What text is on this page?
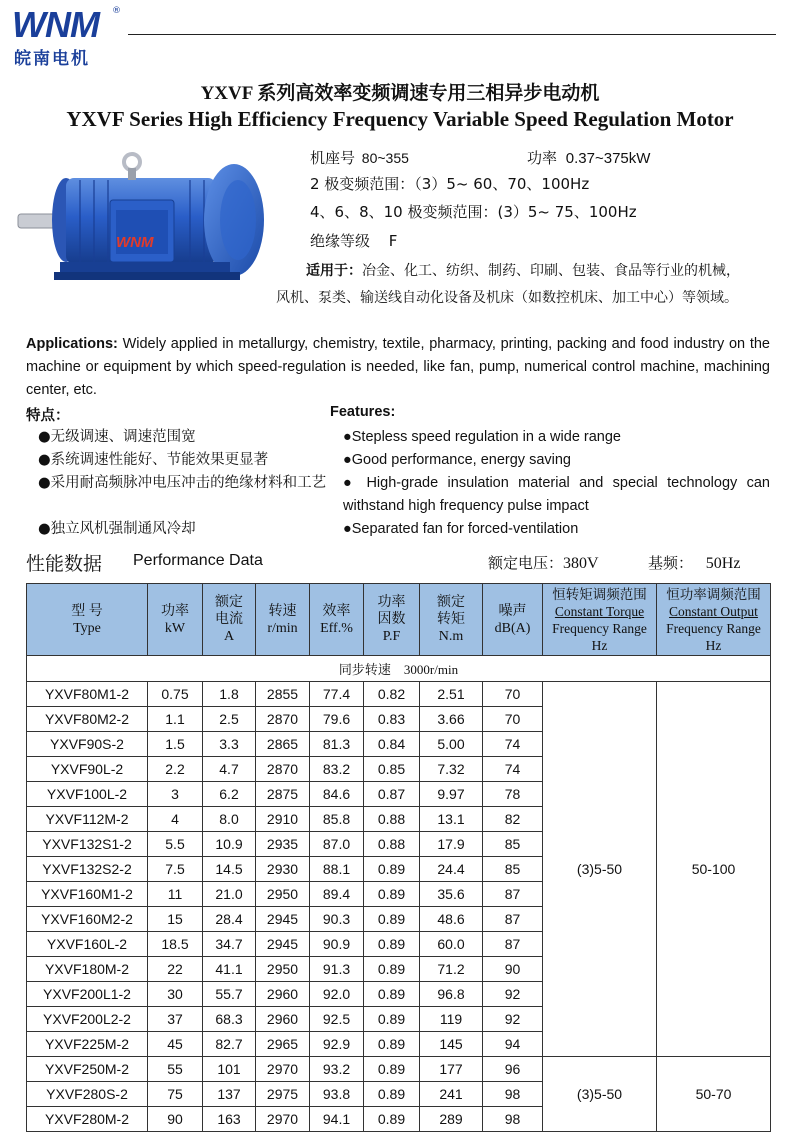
WNM ®
皖南电机
YXVF 系列高效率变频调速专用三相异步电动机
YXVF Series High Efficiency Frequency Variable Speed Regulation Motor
WNM
机座号 80~355	功率 0.37~375kW
2 极变频范围：（3）5~ 60、70、100Hz
4、6、8、10 极变频范围：(3）5~ 75、100Hz
绝缘等级 F
适用于：冶金、化工、纺织、制药、印刷、包装、食品等行业的机械，
风机、泵类、输送线自动化设备及机床（如数控机床、加工中心）等领域。
Applications: Widely applied in metallurgy, chemistry, textile, pharmacy, printing, packing and food industry on the machine or equipment by which speed-regulation is needed, like fan, pump, numerical control machine, machining center, etc.
特点：	Features:
●无级调速、调速范围宽
●系统调速性能好、节能效果更显著
●采用耐高频脉冲电压冲击的绝缘材料和工艺
●独立风机强制通风冷却
●Stepless speed regulation in a wide range
●Good performance, energy saving
● High-grade insulation material and special technology can withstand high frequency pulse impact
●Separated fan for forced-ventilation
性能数据 Performance Data	额定电压：380V	基频： 50Hz
型 号
Type	功率
kW	额定
电流
A	转速
r/min	效率
Eff.%	功率
因数
P.F	额定
转矩
N.m	噪声
dB(A)	恒转矩调频范围
Constant Torque
Frequency Range
Hz	恒功率调频范围
Constant Output
Frequency Range
Hz
同步转速　3000r/min									
YXVF80M1-2	0.75	1.8	2855	77.4	0.82	2.51	70	(3)5-50	50-100
YXVF80M2-2	1.1	2.5	2870	79.6	0.83	3.66	70		
YXVF90S-2	1.5	3.3	2865	81.3	0.84	5.00	74		
YXVF90L-2	2.2	4.7	2870	83.2	0.85	7.32	74		
YXVF100L-2	3	6.2	2875	84.6	0.87	9.97	78		
YXVF112M-2	4	8.0	2910	85.8	0.88	13.1	82		
YXVF132S1-2	5.5	10.9	2935	87.0	0.88	17.9	85		
YXVF132S2-2	7.5	14.5	2930	88.1	0.89	24.4	85		
YXVF160M1-2	11	21.0	2950	89.4	0.89	35.6	87		
YXVF160M2-2	15	28.4	2945	90.3	0.89	48.6	87		
YXVF160L-2	18.5	34.7	2945	90.9	0.89	60.0	87		
YXVF180M-2	22	41.1	2950	91.3	0.89	71.2	90		
YXVF200L1-2	30	55.7	2960	92.0	0.89	96.8	92		
YXVF200L2-2	37	68.3	2960	92.5	0.89	119	92		
YXVF225M-2	45	82.7	2965	92.9	0.89	145	94		
YXVF250M-2	55	101	2970	93.2	0.89	177	96	(3)5-50	50-70
YXVF280S-2	75	137	2975	93.8	0.89	241	98		
YXVF280M-2	90	163	2970	94.1	0.89	289	98		
